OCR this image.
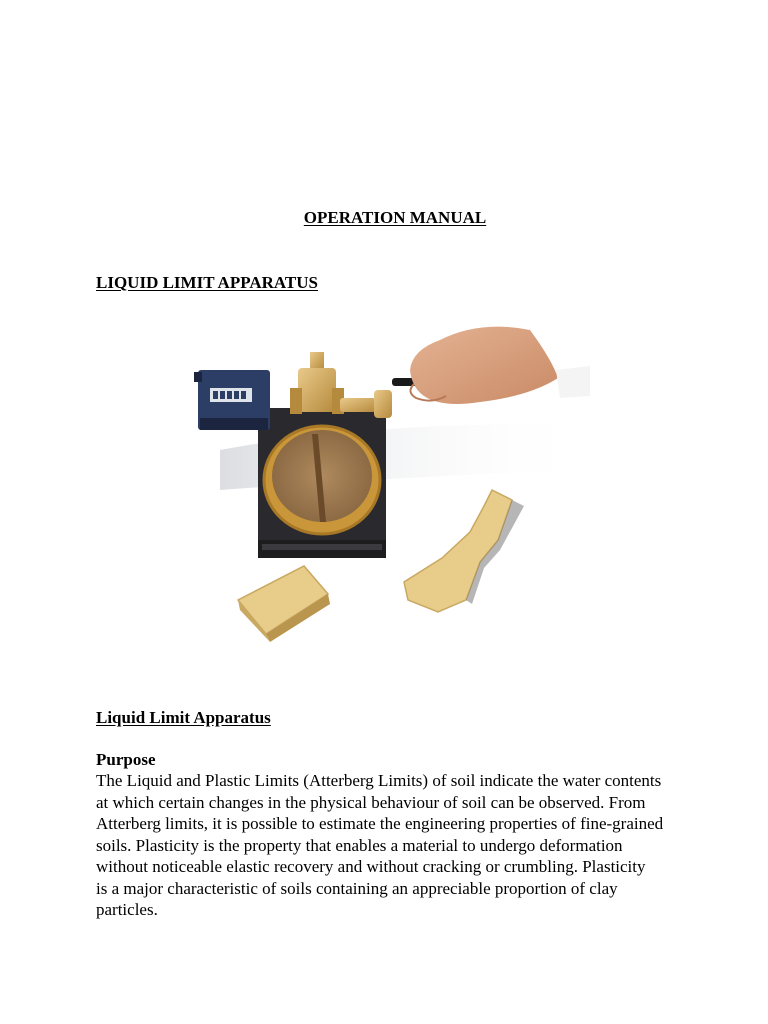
OPERATION MANUAL
LIQUID LIMIT APPARATUS
Liquid Limit Apparatus
Purpose
The Liquid and Plastic Limits (Atterberg Limits) of soil indicate the water contents
at which certain changes in the physical behaviour of soil can be observed. From
Atterberg limits, it is possible to estimate the engineering properties of fine-grained
soils. Plasticity is the property that enables a material to undergo deformation
without noticeable elastic recovery and without cracking or crumbling. Plasticity
is a major characteristic of soils containing an appreciable proportion of clay
particles.
